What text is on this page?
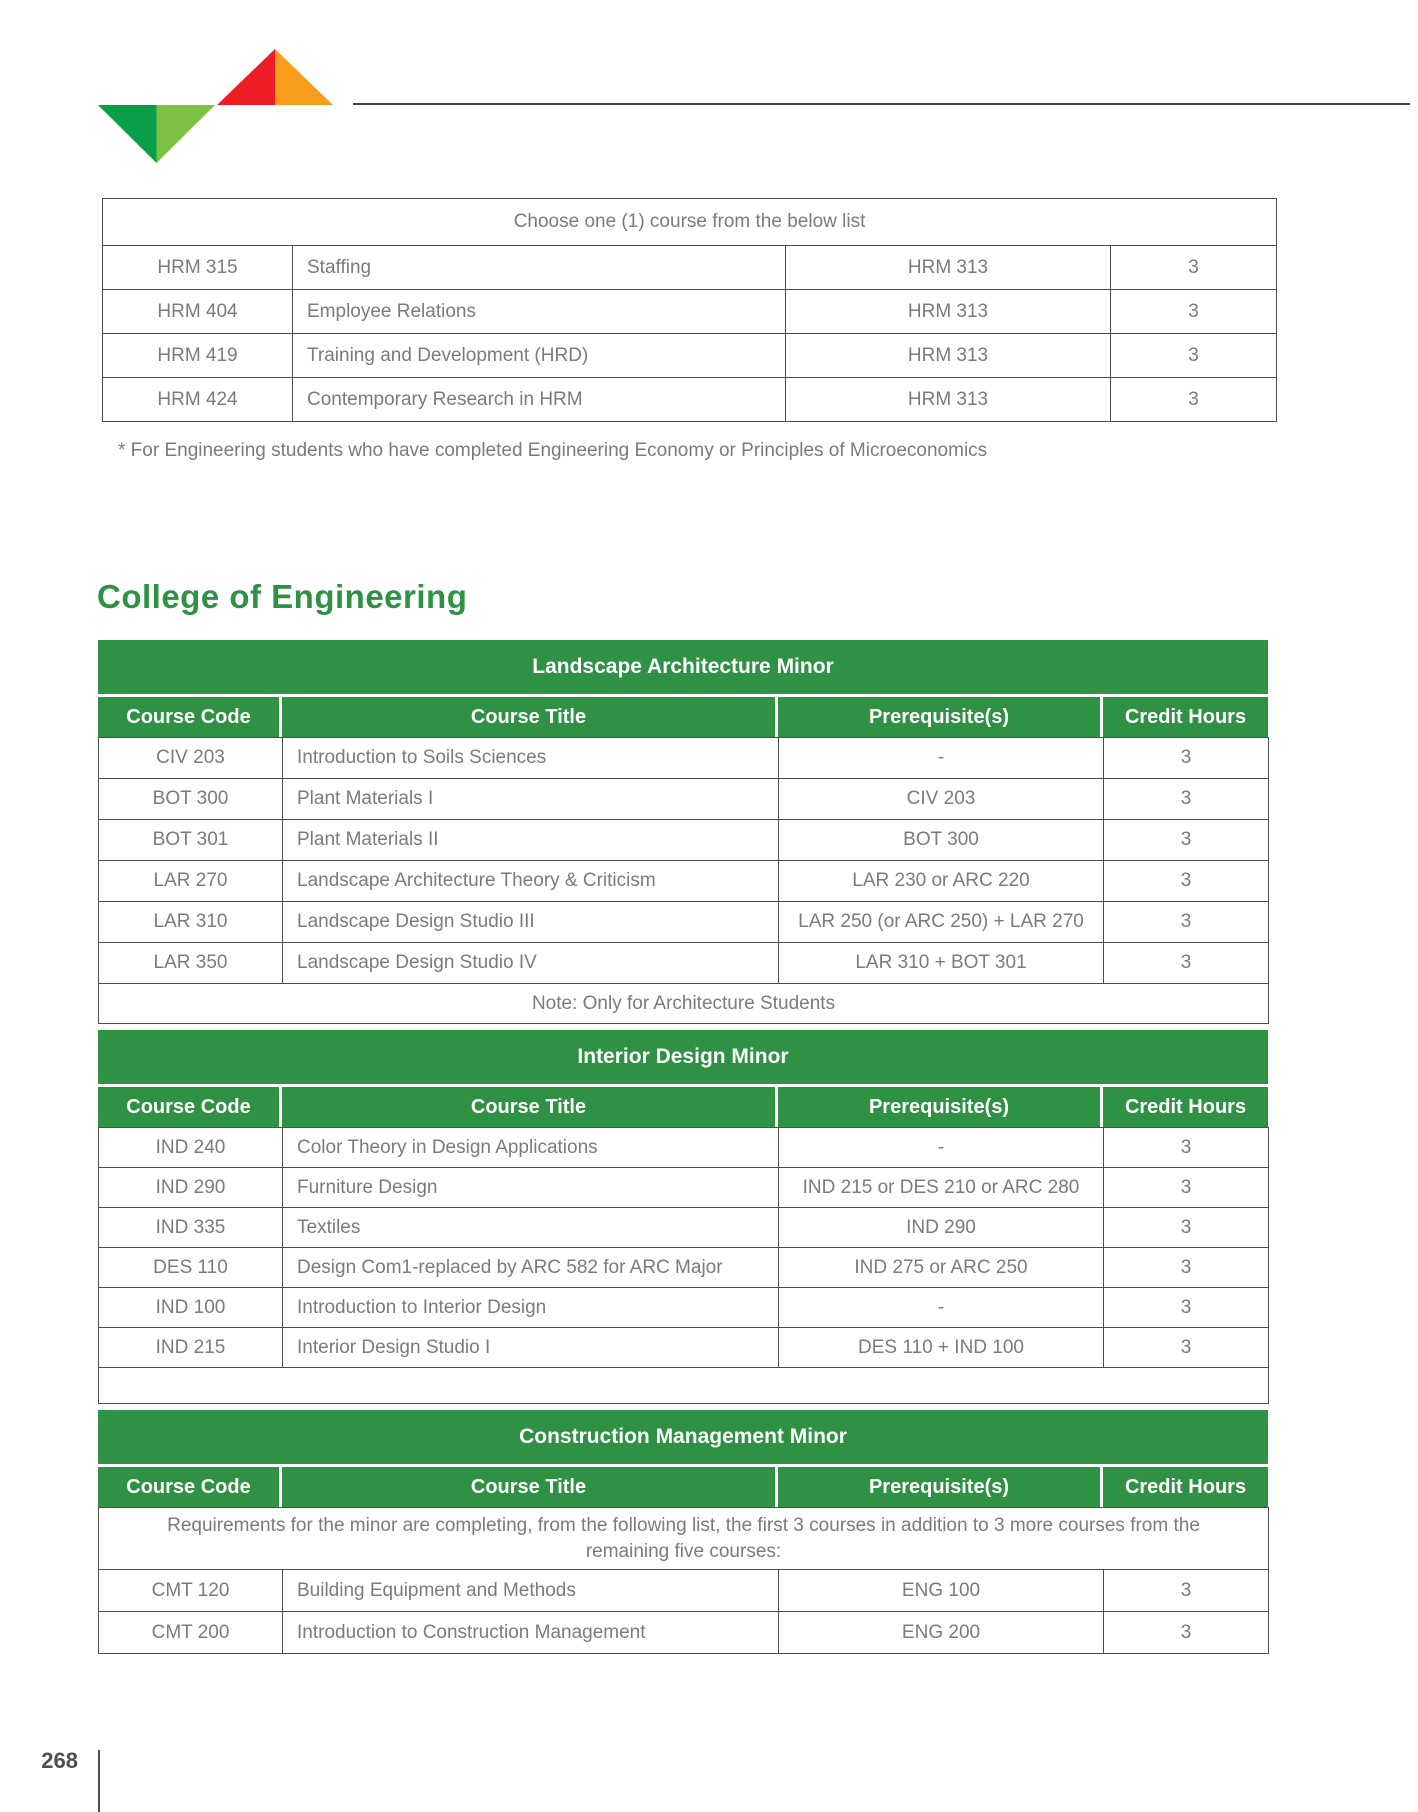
Choose one (1) course from the below list			
HRM 315	Staffing	HRM 313	3
HRM 404	Employee Relations	HRM 313	3
HRM 419	Training and Development (HRD)	HRM 313	3
HRM 424	Contemporary Research in HRM	HRM 313	3
* For Engineering students who have completed Engineering Economy or Principles of Microeconomics
College of Engineering
Landscape Architecture Minor
Course Code	Course Title	Prerequisite(s)	Credit Hours
CIV 203	Introduction to Soils Sciences	-	3
BOT 300	Plant Materials I	CIV 203	3
BOT 301	Plant Materials II	BOT 300	3
LAR 270	Landscape Architecture Theory & Criticism	LAR 230 or ARC 220	3
LAR 310	Landscape Design Studio III	LAR 250 (or ARC 250) + LAR 270	3
LAR 350	Landscape Design Studio IV	LAR 310 + BOT 301	3
Note: Only for Architecture Students			
Interior Design Minor
Course Code	Course Title	Prerequisite(s)	Credit Hours
IND 240	Color Theory in Design Applications	-	3
IND 290	Furniture Design	IND 215 or DES 210 or ARC 280	3
IND 335	Textiles	IND 290	3
DES 110	Design Com1-replaced by ARC 582 for ARC Major	IND 275 or ARC 250	3
IND 100	Introduction to Interior Design	-	3
IND 215	Interior Design Studio I	DES 110 + IND 100	3

Construction Management Minor
Course Code	Course Title	Prerequisite(s)	Credit Hours
Requirements for the minor are completing, from the following list, the first 3 courses in addition to 3 more courses from the remaining five courses:			
CMT 120	Building Equipment and Methods	ENG 100	3
CMT 200	Introduction to Construction Management	ENG 200	3
268
